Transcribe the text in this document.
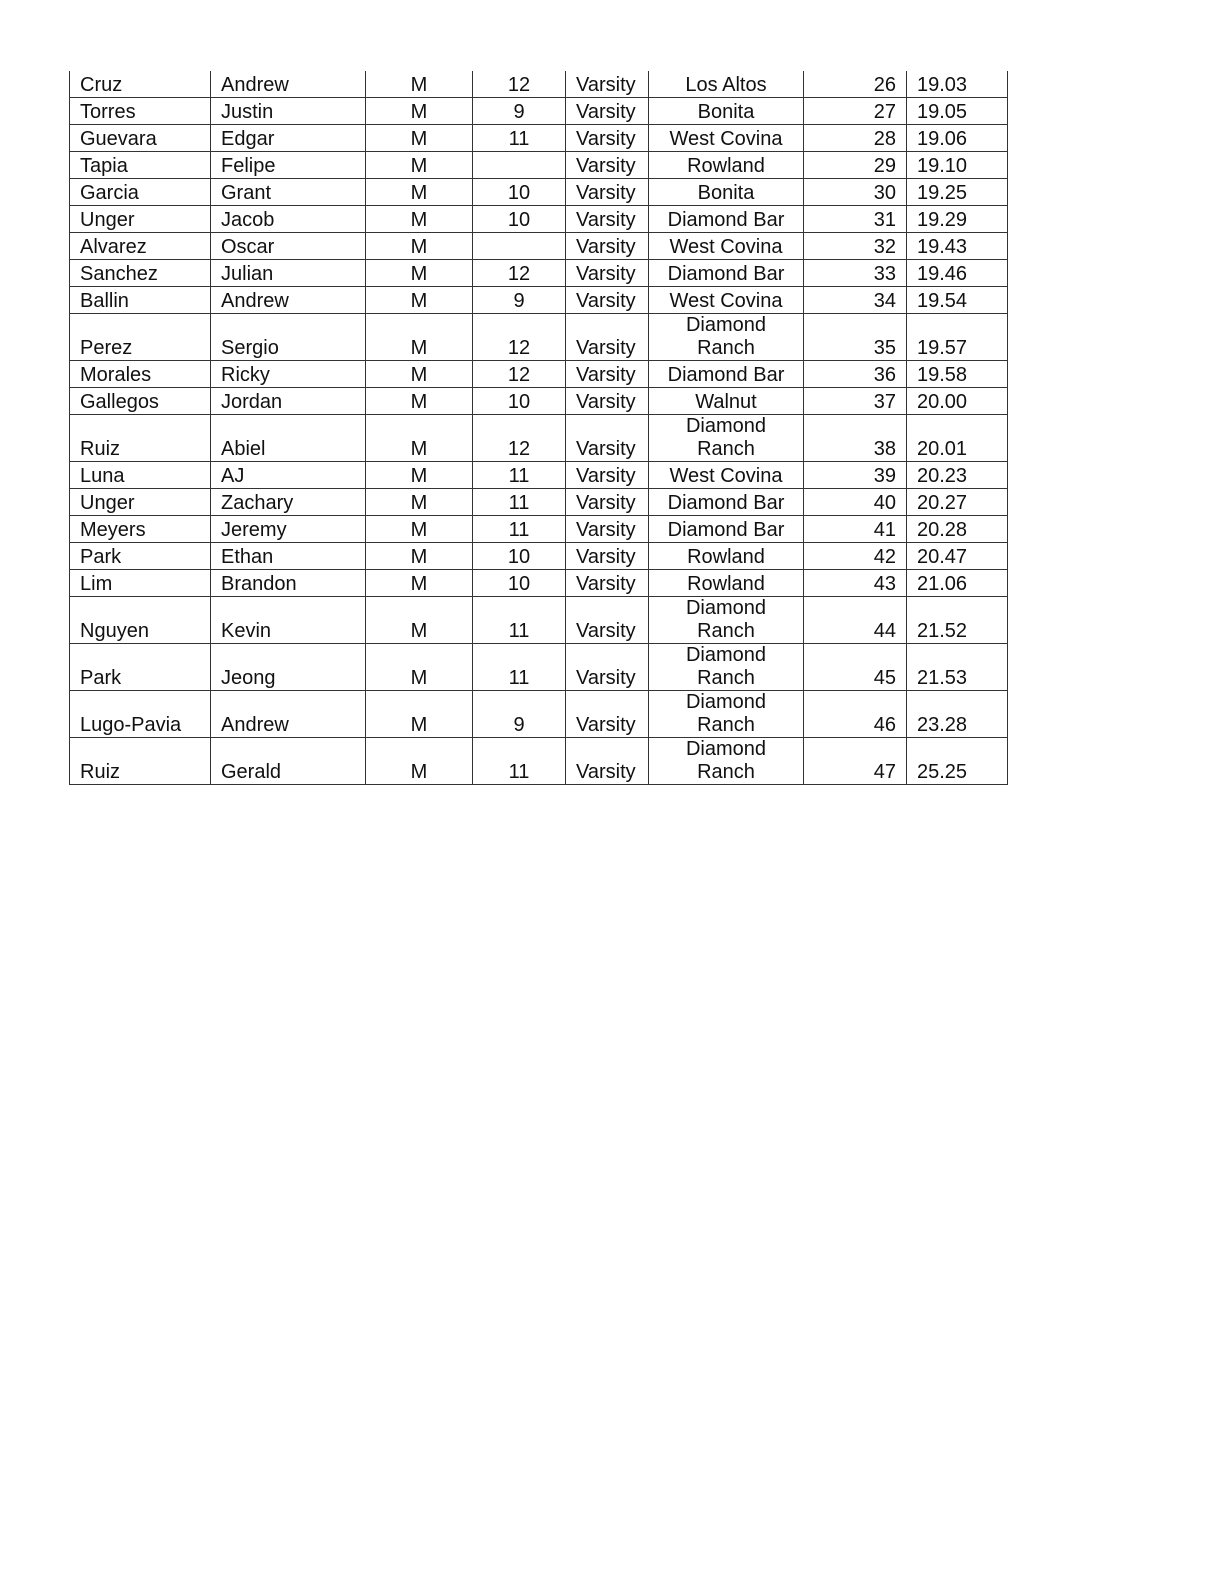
Cruz	Andrew	M	12	Varsity	Los Altos	26	19.03
Torres	Justin	M	9	Varsity	Bonita	27	19.05
Guevara	Edgar	M	11	Varsity	West Covina	28	19.06
Tapia	Felipe	M		Varsity	Rowland	29	19.10
Garcia	Grant	M	10	Varsity	Bonita	30	19.25
Unger	Jacob	M	10	Varsity	Diamond Bar	31	19.29
Alvarez	Oscar	M		Varsity	West Covina	32	19.43
Sanchez	Julian	M	12	Varsity	Diamond Bar	33	19.46
Ballin	Andrew	M	9	Varsity	West Covina	34	19.54
Perez	Sergio	M	12	Varsity	Diamond Ranch	35	19.57
Morales	Ricky	M	12	Varsity	Diamond Bar	36	19.58
Gallegos	Jordan	M	10	Varsity	Walnut	37	20.00
Ruiz	Abiel	M	12	Varsity	Diamond Ranch	38	20.01
Luna	AJ	M	11	Varsity	West Covina	39	20.23
Unger	Zachary	M	11	Varsity	Diamond Bar	40	20.27
Meyers	Jeremy	M	11	Varsity	Diamond Bar	41	20.28
Park	Ethan	M	10	Varsity	Rowland	42	20.47
Lim	Brandon	M	10	Varsity	Rowland	43	21.06
Nguyen	Kevin	M	11	Varsity	Diamond Ranch	44	21.52
Park	Jeong	M	11	Varsity	Diamond Ranch	45	21.53
Lugo-Pavia	Andrew	M	9	Varsity	Diamond Ranch	46	23.28
Ruiz	Gerald	M	11	Varsity	Diamond Ranch	47	25.25
